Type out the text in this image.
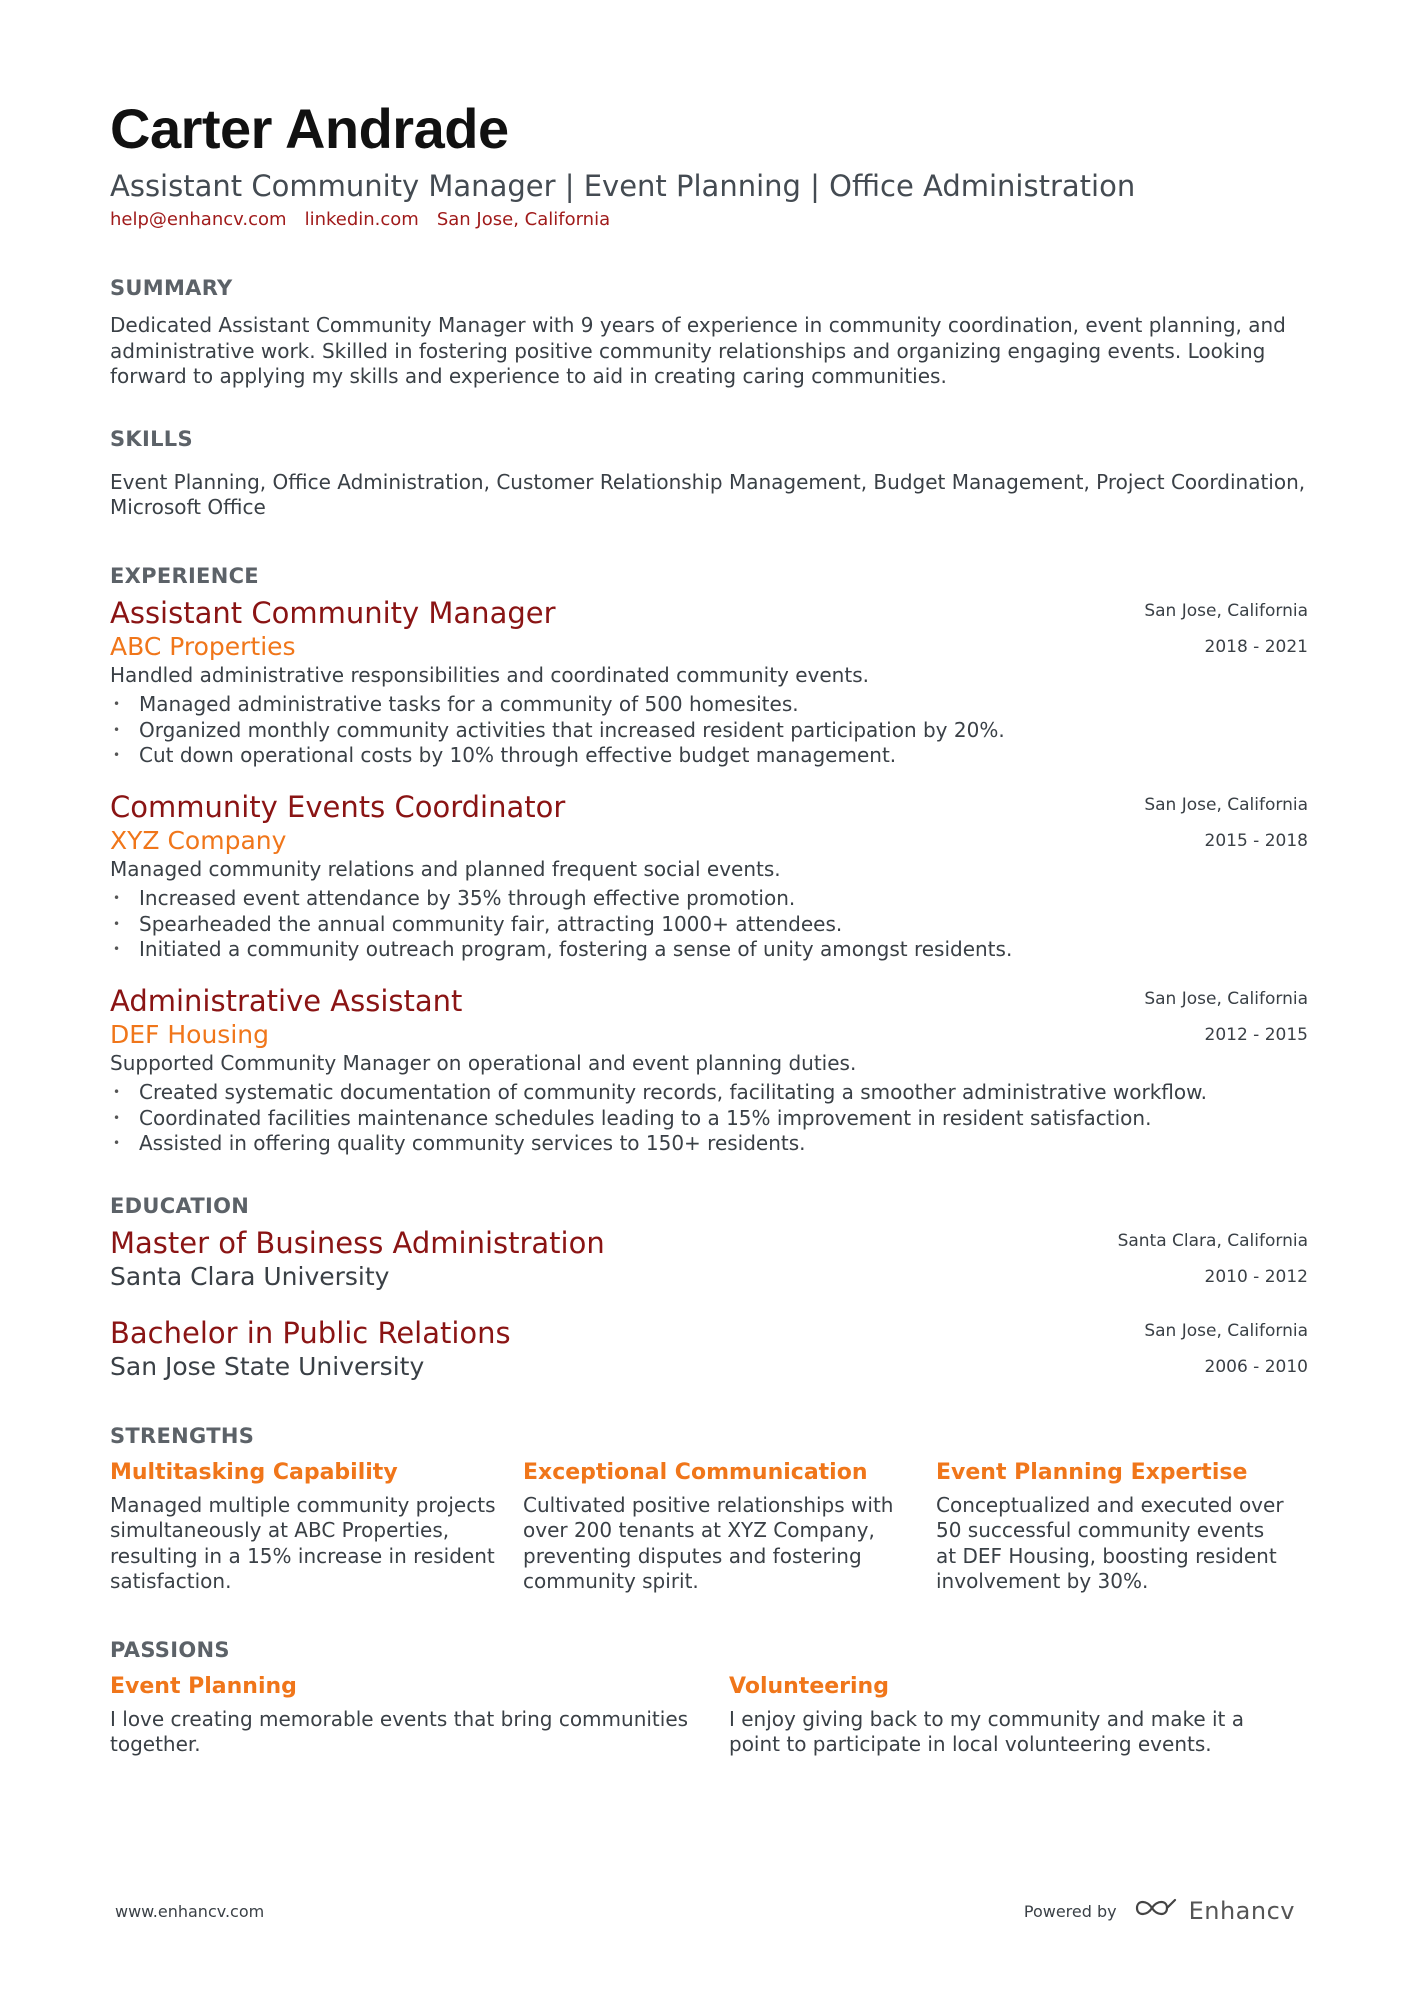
Carter Andrade
Assistant Community Manager | Event Planning | Office Administration
help@enhancv.com linkedin.com San Jose, California
SUMMARY
Dedicated Assistant Community Manager with 9 years of experience in community coordination, event planning, and administrative work. Skilled in fostering positive community relationships and organizing engaging events. Looking forward to applying my skills and experience to aid in creating caring communities.
SKILLS
Event Planning, Office Administration, Customer Relationship Management, Budget Management, Project Coordination, Microsoft Office
EXPERIENCE
Assistant Community Manager
ABC Properties
San Jose, California
2018 - 2021
Handled administrative responsibilities and coordinated community events.
• Managed administrative tasks for a community of 500 homesites.
• Organized monthly community activities that increased resident participation by 20%.
• Cut down operational costs by 10% through effective budget management.
Community Events Coordinator
XYZ Company
San Jose, California
2015 - 2018
Managed community relations and planned frequent social events.
• Increased event attendance by 35% through effective promotion.
• Spearheaded the annual community fair, attracting 1000+ attendees.
• Initiated a community outreach program, fostering a sense of unity amongst residents.
Administrative Assistant
DEF Housing
San Jose, California
2012 - 2015
Supported Community Manager on operational and event planning duties.
• Created systematic documentation of community records, facilitating a smoother administrative workflow.
• Coordinated facilities maintenance schedules leading to a 15% improvement in resident satisfaction.
• Assisted in offering quality community services to 150+ residents.
EDUCATION
Master of Business Administration
Santa Clara University
Santa Clara, California
2010 - 2012
Bachelor in Public Relations
San Jose State University
San Jose, California
2006 - 2010
STRENGTHS
Multitasking Capability
Managed multiple community projects simultaneously at ABC Properties, resulting in a 15% increase in resident satisfaction.
Exceptional Communication
Cultivated positive relationships with over 200 tenants at XYZ Company, preventing disputes and fostering community spirit.
Event Planning Expertise
Conceptualized and executed over 50 successful community events at DEF Housing, boosting resident involvement by 30%.
PASSIONS
Event Planning
I love creating memorable events that bring communities together.
Volunteering
I enjoy giving back to my community and make it a point to participate in local volunteering events.
www.enhancv.com	Powered by	Enhancv
